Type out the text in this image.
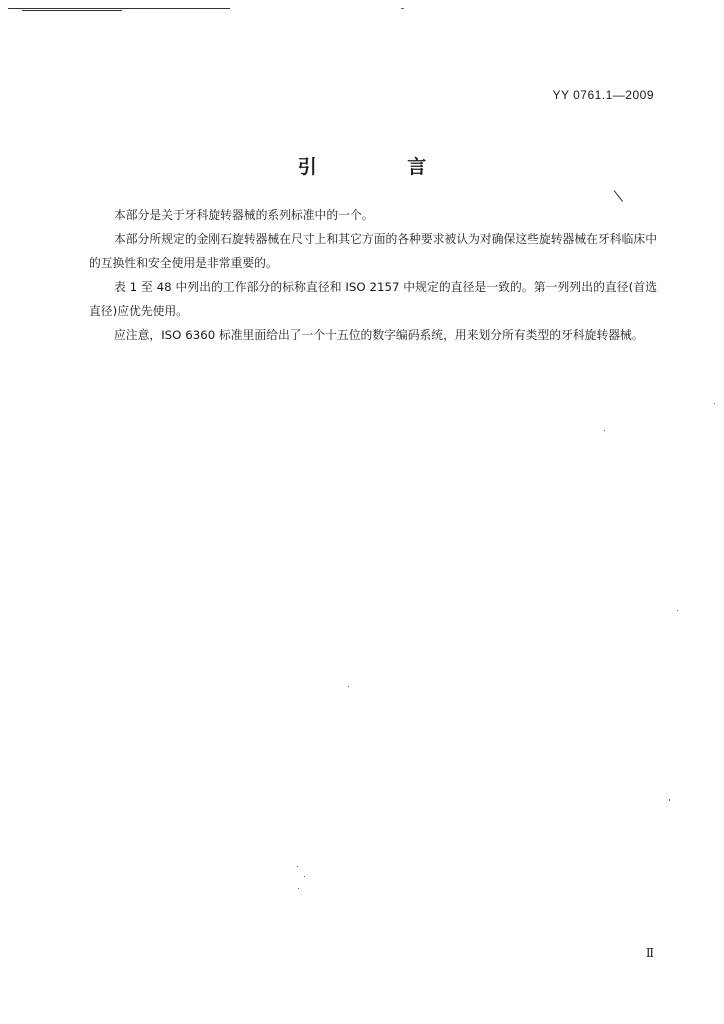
YY 0761.1—2009
引 言

本部分是关于牙科旋转器械的系列标准中的一个。

本部分所规定的金刚石旋转器械在尺寸上和其它方面的各种要求被认为对确保这些旋转器械在牙科临床中的互换性和安全使用是非常重要的。

表 1 至 48 中列出的工作部分的标称直径和 ISO 2157 中规定的直径是一致的。第一列列出的直径(首选直径)应优先使用。

应注意，ISO 6360 标准里面给出了一个十五位的数字编码系统，用来划分所有类型的牙科旋转器械。

Ⅱ
